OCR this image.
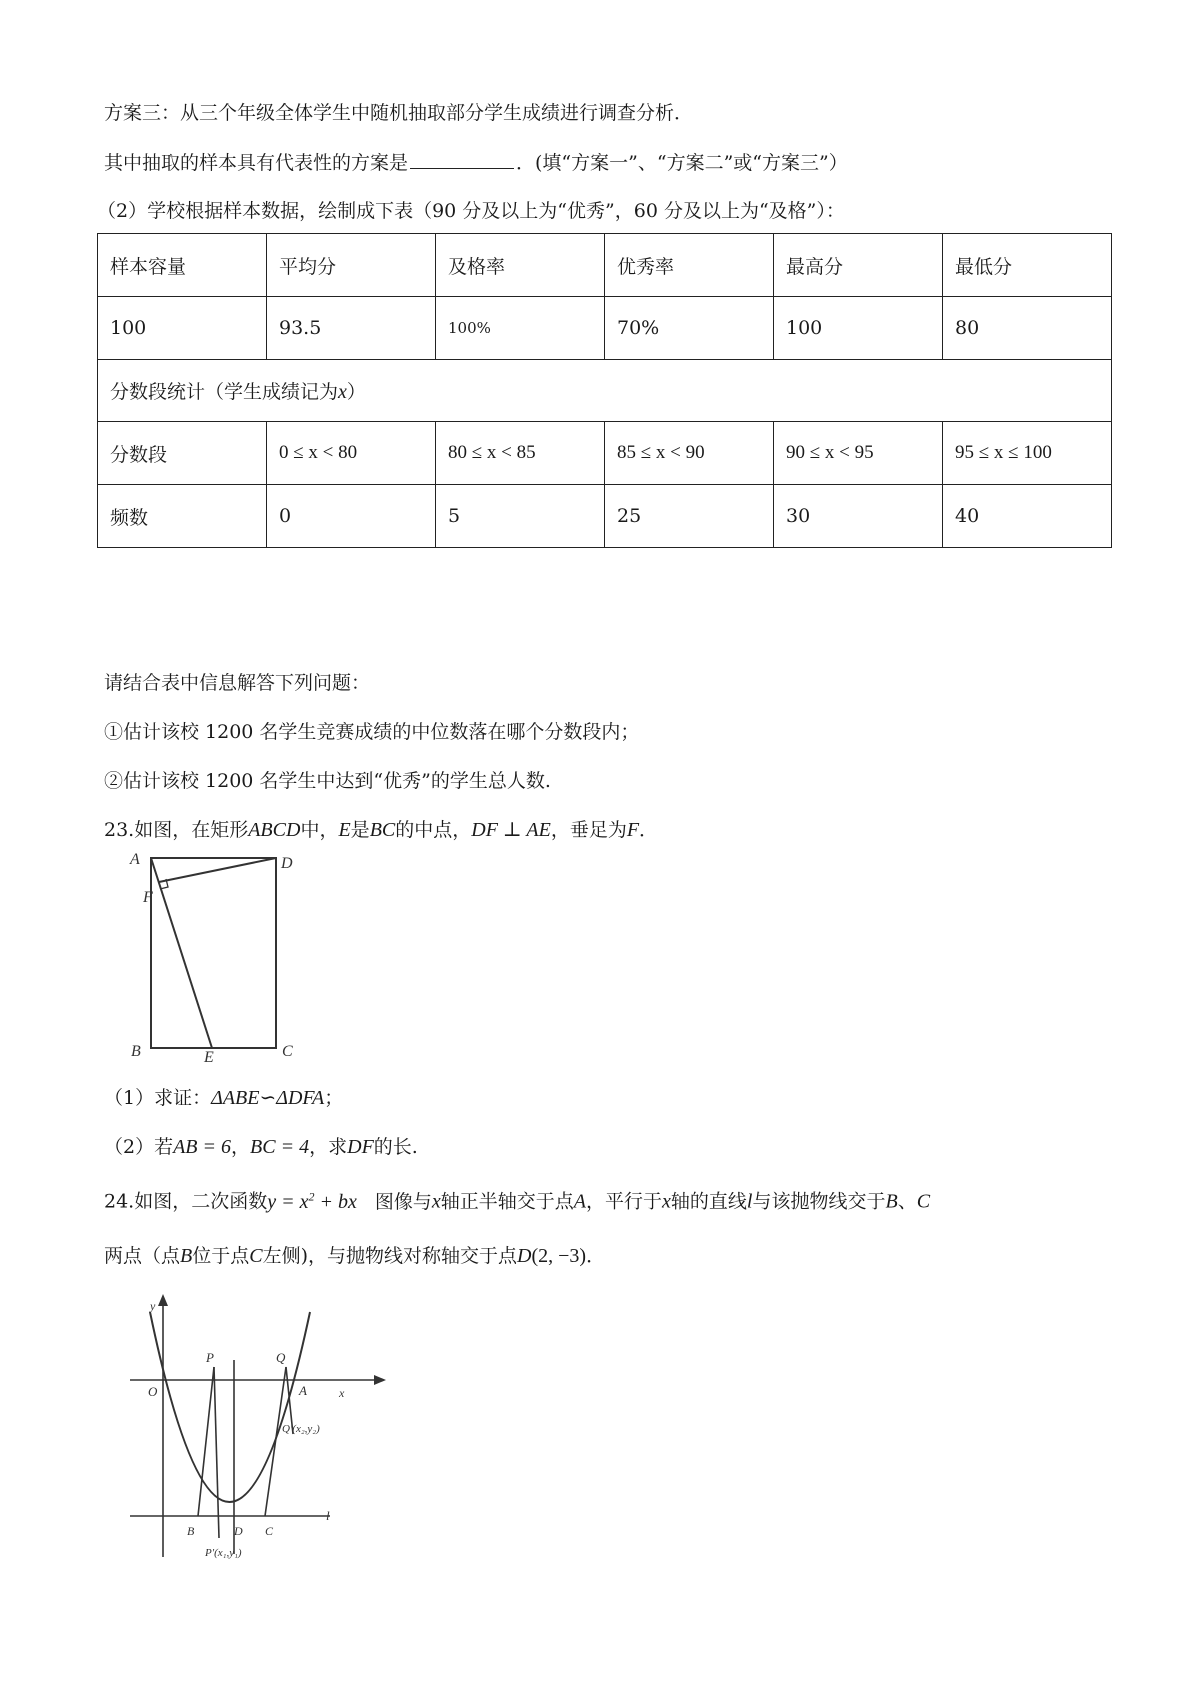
方案三：从三个年级全体学生中随机抽取部分学生成绩进行调查分析．
其中抽取的样本具有代表性的方案是	．(填“方案一”、“方案二”或“方案三”）
（2）学校根据样本数据，绘制成下表（90 分及以上为“优秀”，60 分及以上为“及格”）：
样本容量	平均分	及格率	优秀率	最高分	最低分
100	93.5	100%	70%	100	80
分数段统计（学生成绩记为x）					
分数段	0 ≤ x < 80	80 ≤ x < 85	85 ≤ x < 90	90 ≤ x < 95	95 ≤ x ≤ 100
频数	0	5	25	30	40
请结合表中信息解答下列问题：
①估计该校 1200 名学生竞赛成绩的中位数落在哪个分数段内；
②估计该校 1200 名学生中达到“优秀”的学生总人数.
23.如图，在矩形ABCD中，E是BC的中点，DF ⊥ AE，垂足为F．
A	D
F
B	E	C
（1）求证：ΔABE∽ΔDFA；
（2）若AB = 6，BC = 4，求DF的长.
24.如图，二次函数$y = x^2$ + bx 图像与x轴正半轴交于点A，平行于x轴的直线l与该抛物线交于B、C
两点（点B位于点C左侧)，与抛物线对称轴交于点D(2, −3)．
y
x
O
P	Q
A
Q'(x₂,y₂)
l
B	D C
P'(x₁,y₁)
